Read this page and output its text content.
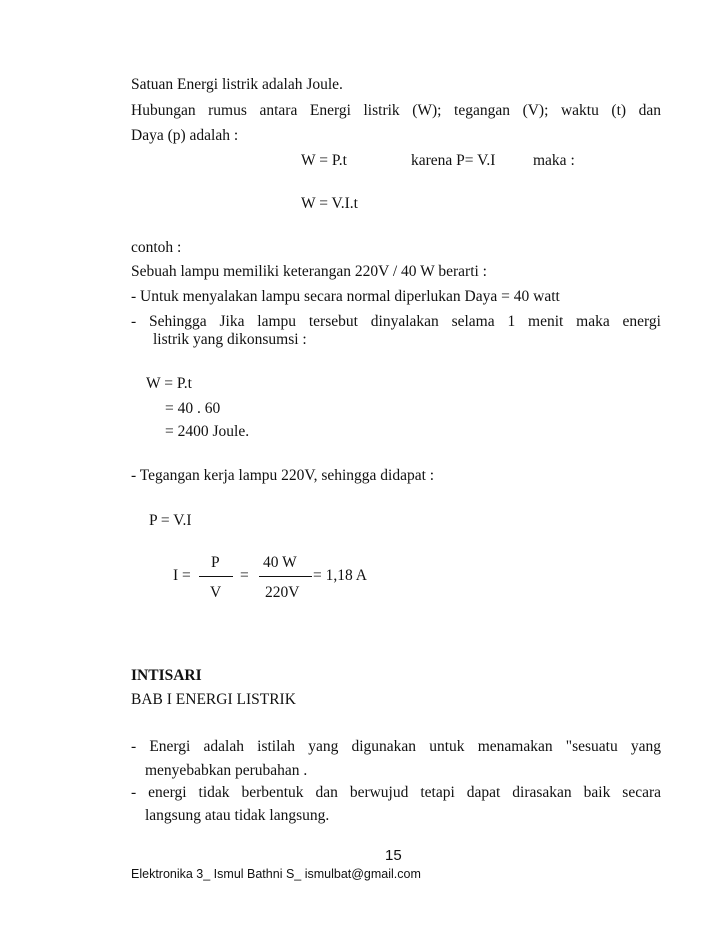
Satuan Energi listrik adalah Joule.
Hubungan rumus antara Energi listrik (W); tegangan (V); waktu (t) dan
Daya (p) adalah :
W = P.t	karena P= V.I maka :
W = V.I.t
contoh :
Sebuah lampu memiliki keterangan 220V / 40 W berarti :
- Untuk menyalakan lampu secara normal diperlukan Daya = 40 watt
- Sehingga Jika lampu tersebut dinyalakan selama 1 menit maka energi
listrik yang dikonsumsi :
W = P.t
= 40 . 60
= 2400 Joule.
- Tegangan kerja lampu 220V, sehingga didapat :
P = V.I
I =
P
V
=
40 W
220V
= 1,18 A
INTISARI
BAB I ENERGI LISTRIK
- Energi adalah istilah yang digunakan untuk menamakan "sesuatu yang
menyebabkan perubahan .
- energi tidak berbentuk dan berwujud tetapi dapat dirasakan baik secara
langsung atau tidak langsung.
15
Elektronika 3_ Ismul Bathni S_ ismulbat@gmail.com
